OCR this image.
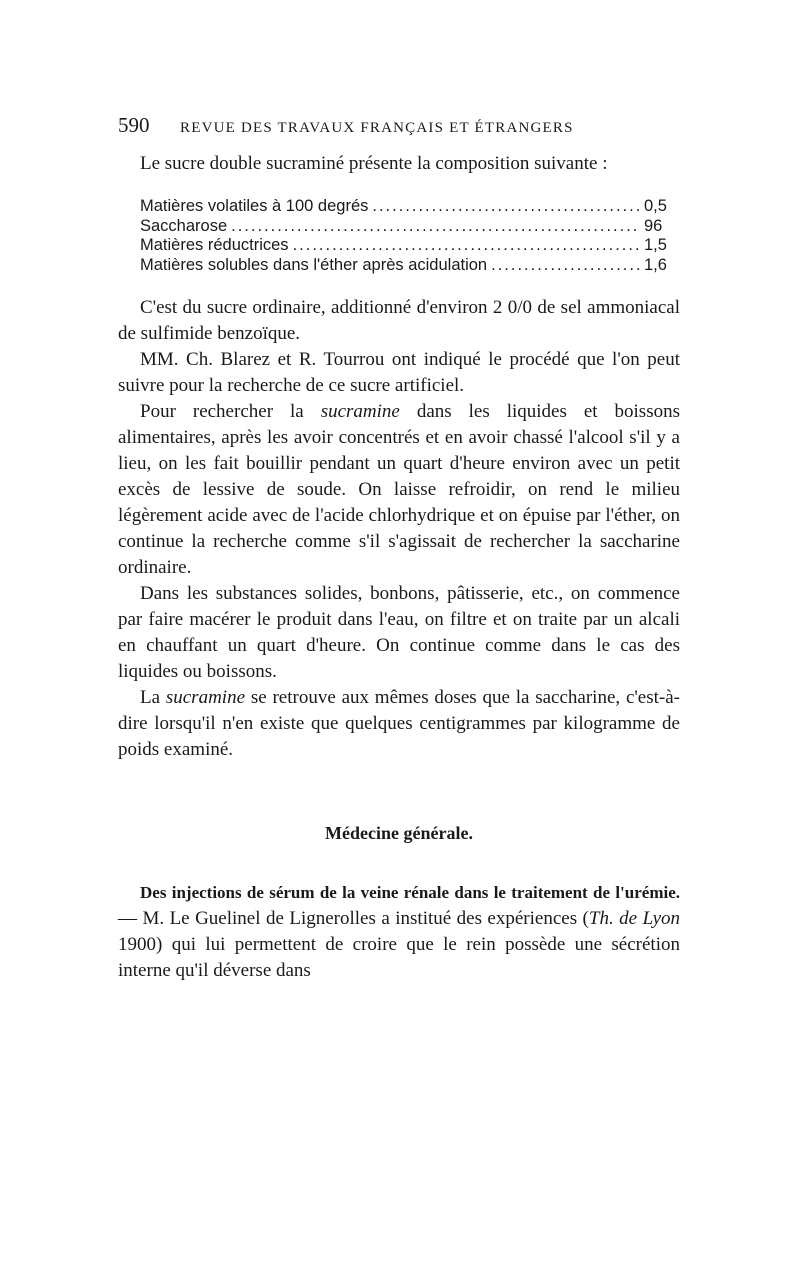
590	REVUE DES TRAVAUX FRANÇAIS ET ÉTRANGERS

Le sucre double sucraminé présente la composition suivante :

Matières volatiles à 100 degrés .....	0,5
Saccharose .....	96
Matières réductrices .....	1,5
Matières solubles dans l'éther après acidulation .....	1,6

C'est du sucre ordinaire, additionné d'environ 2 0/0 de sel ammoniacal de sulfimide benzoïque.

MM. Ch. Blarez et R. Tourrou ont indiqué le procédé que l'on peut suivre pour la recherche de ce sucre artificiel.

Pour rechercher la sucramine dans les liquides et boissons alimentaires, après les avoir concentrés et en avoir chassé l'alcool s'il y a lieu, on les fait bouillir pendant un quart d'heure environ avec un petit excès de lessive de soude. On laisse refroidir, on rend le milieu légèrement acide avec de l'acide chlorhydrique et on épuise par l'éther, on continue la recherche comme s'il s'agissait de rechercher la saccharine ordinaire.

Dans les substances solides, bonbons, pâtisserie, etc., on commence par faire macérer le produit dans l'eau, on filtre et on traite par un alcali en chauffant un quart d'heure. On continue comme dans le cas des liquides ou boissons.

La sucramine se retrouve aux mêmes doses que la saccharine, c'est-à-dire lorsqu'il n'en existe que quelques centigrammes par kilogramme de poids examiné.

Médecine générale.

Des injections de sérum de la veine rénale dans le traitement de l'urémie. — M. Le Guelinel de Lignerolles a institué des expériences (Th. de Lyon 1900) qui lui permettent de croire que le rein possède une sécrétion interne qu'il déverse dans
